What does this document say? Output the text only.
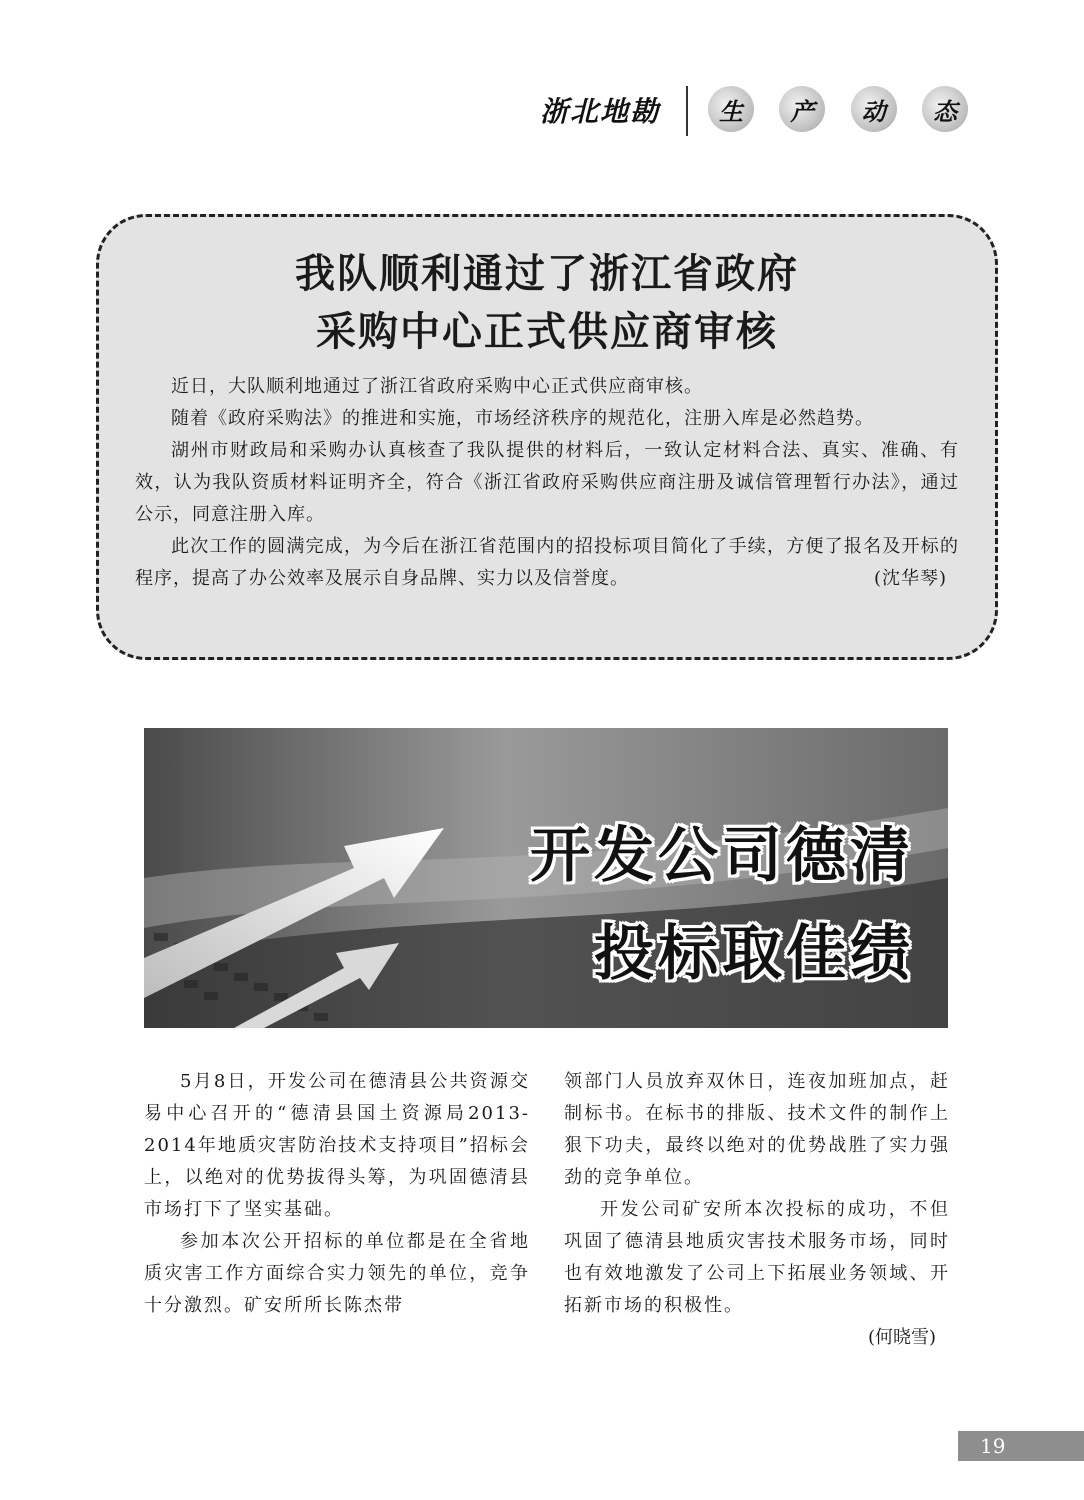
浙北地勘	生	产	动	态
我队顺利通过了浙江省政府
采购中心正式供应商审核

近日，大队顺利地通过了浙江省政府采购中心正式供应商审核。

随着《政府采购法》的推进和实施，市场经济秩序的规范化，注册入库是必然趋势。

湖州市财政局和采购办认真核查了我队提供的材料后，一致认定材料合法、真实、准确、有效，认为我队资质材料证明齐全，符合《浙江省政府采购供应商注册及诚信管理暂行办法》，通过公示，同意注册入库。

此次工作的圆满完成，为今后在浙江省范围内的招投标项目简化了手续，方便了报名及开标的程序，提高了办公效率及展示自身品牌、实力以及信誉度。	(沈华琴)

开发公司德清
投标取佳绩

5月8日，开发公司在德清县公共资源交易中心召开的“德清县国土资源局2013-2014年地质灾害防治技术支持项目”招标会上，以绝对的优势拔得头筹，为巩固德清县市场打下了坚实基础。

参加本次公开招标的单位都是在全省地质灾害工作方面综合实力领先的单位，竞争十分激烈。矿安所所长陈杰带

领部门人员放弃双休日，连夜加班加点，赶制标书。在标书的排版、技术文件的制作上狠下功夫，最终以绝对的优势战胜了实力强劲的竞争单位。

开发公司矿安所本次投标的成功，不但巩固了德清县地质灾害技术服务市场，同时也有效地激发了公司上下拓展业务领域、开拓新市场的积极性。

(何晓雪)
19
